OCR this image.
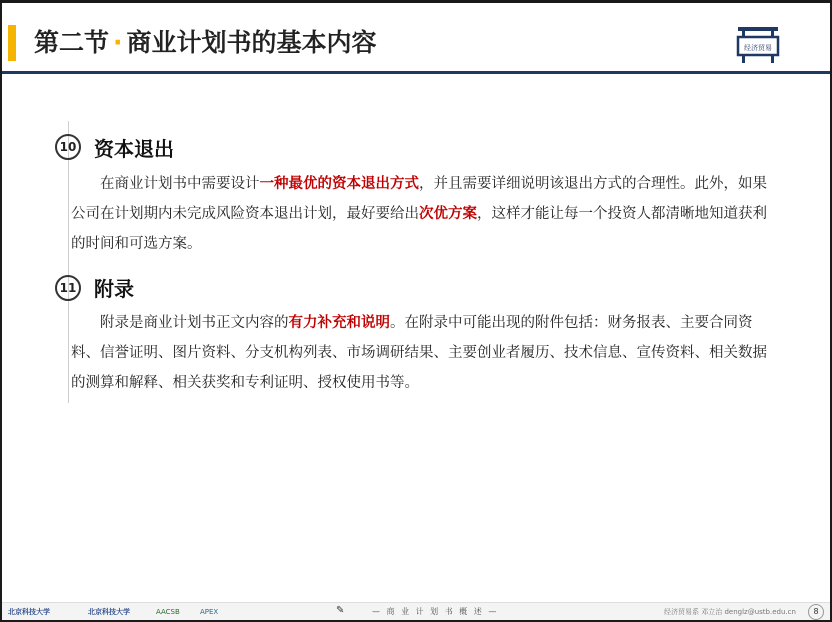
第二节 · 商业计划书的基本内容	经济贸易
10 资本退出

在商业计划书中需要设计一种最优的资本退出方式，并且需要详细说明该退出方式的合理性。此外，如果公司在计划期内未完成风险资本退出计划，最好要给出次优方案，这样才能让每一个投资人都清晰地知道获利的时间和可选方案。

11 附录

附录是商业计划书正文内容的有力补充和说明。在附录中可能出现的附件包括：财务报表、主要合同资料、信誉证明、图片资料、分支机构列表、市场调研结果、主要创业者履历、技术信息、宣传资料、相关数据的测算和解释、相关获奖和专利证明、授权使用书等。

北京科技大学	北京科技大学	AACSB	APEX	✎	— 商 业 计 划 书 概 述 —	经济贸易系 邓立治 denglz@ustb.edu.cn	8
